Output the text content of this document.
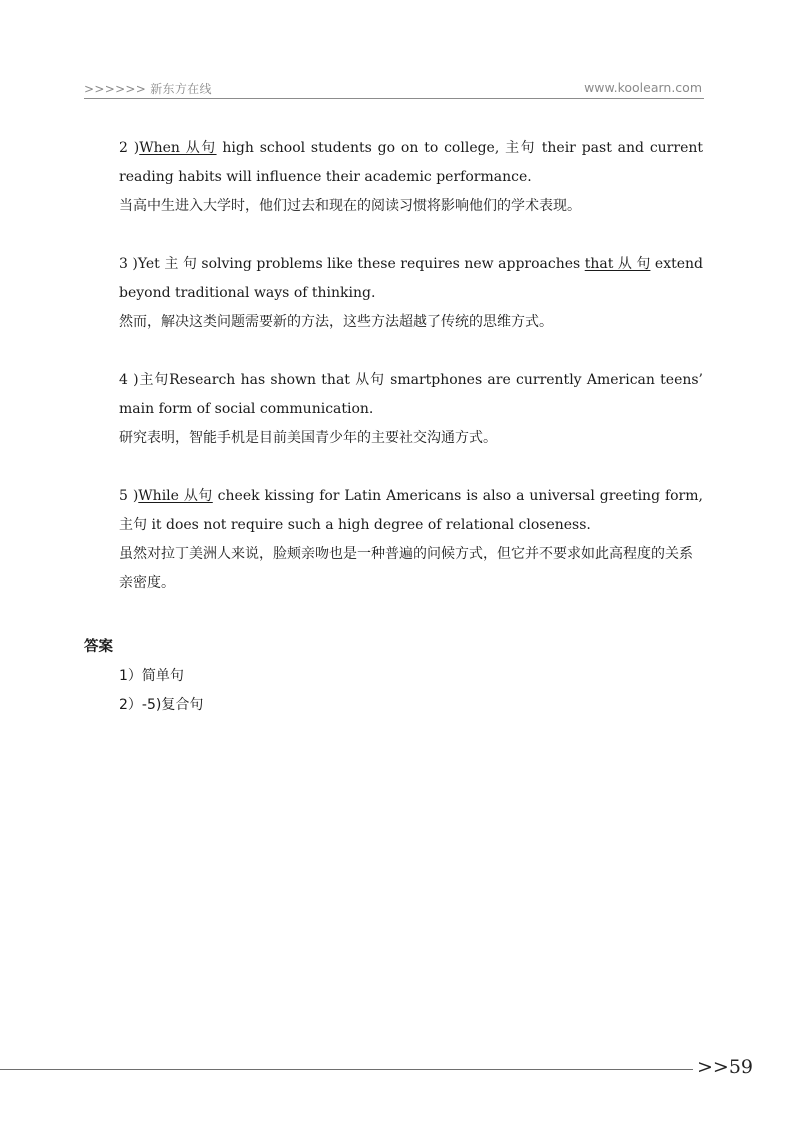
>>>>>> 新东方在线	www.koolearn.com
2 )When 从句 high school students go on to college, 主句 their past and current reading habits will influence their academic performance.
当高中生进入大学时，他们过去和现在的阅读习惯将影响他们的学术表现。
3 )Yet 主 句 solving problems like these requires new approaches that 从 句 extend beyond traditional ways of thinking.
然而，解决这类问题需要新的方法，这些方法超越了传统的思维方式。
4 )主句Research has shown that 从句 smartphones are currently American teens’ main form of social communication.
研究表明，智能手机是目前美国青少年的主要社交沟通方式。
5 )While 从句 cheek kissing for Latin Americans is also a universal greeting form, 主句 it does not require such a high degree of relational closeness.
虽然对拉丁美洲人来说，脸颊亲吻也是一种普遍的问候方式，但它并不要求如此高程度的关系亲密度。
答案
1）简单句
2）-5)复合句
>>59
